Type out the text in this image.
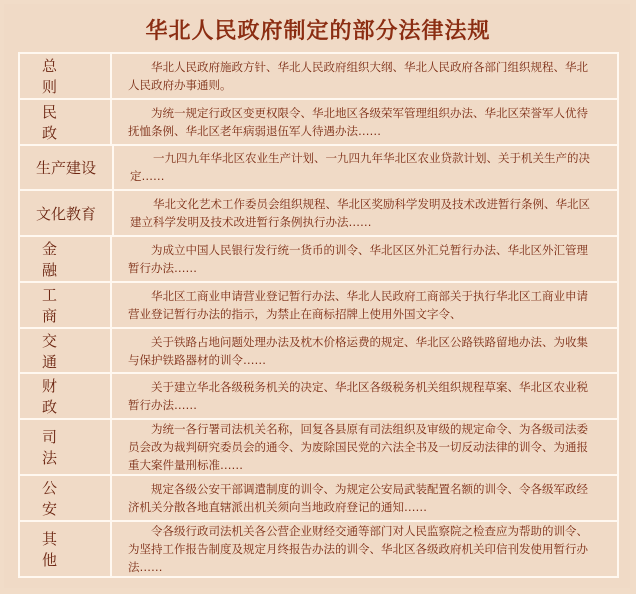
华北人民政府制定的部分法律法规
总则
华北人民政府施政方针、华北人民政府组织大纲、华北人民政府各部门组织规程、华北人民政府办事通则。
民政
为统一规定行政区变更权限令、华北地区各级荣军管理组织办法、华北区荣誉军人优待抚恤条例、华北区老年病弱退伍军人待遇办法……
生产建设
一九四九年华北区农业生产计划、一九四九年华北区农业贷款计划、关于机关生产的决定……
文化教育
华北文化艺术工作委员会组织规程、华北区奖励科学发明及技术改进暂行条例、华北区建立科学发明及技术改进暂行条例执行办法……
金融
为成立中国人民银行发行统一货币的训令、华北区区外汇兑暂行办法、华北区外汇管理暂行办法……
工商
华北区工商业申请营业登记暂行办法、华北人民政府工商部关于执行华北区工商业申请营业登记暂行办法的指示，为禁止在商标招牌上使用外国文字令、
交通
关于铁路占地问题处理办法及枕木价格运费的规定、华北区公路铁路留地办法、为收集与保护铁路器材的训令……
财政
关于建立华北各级税务机关的决定、华北区各级税务机关组织规程草案、华北区农业税暂行办法……
司法
为统一各行署司法机关名称，回复各县原有司法组织及审级的规定命令、为各级司法委员会改为裁判研究委员会的通令、为废除国民党的六法全书及一切反动法律的训令、为通报重大案件量刑标准……
公安
规定各级公安干部调遣制度的训令、为规定公安局武装配置名额的训令、令各级军政经济机关分散各地直辖派出机关须向当地政府登记的通知……
其他
令各级行政司法机关各公营企业财经交通等部门对人民监察院之检查应为帮助的训令、为坚持工作报告制度及规定月终报告办法的训令、华北区各级政府机关印信刊发使用暂行办法……
